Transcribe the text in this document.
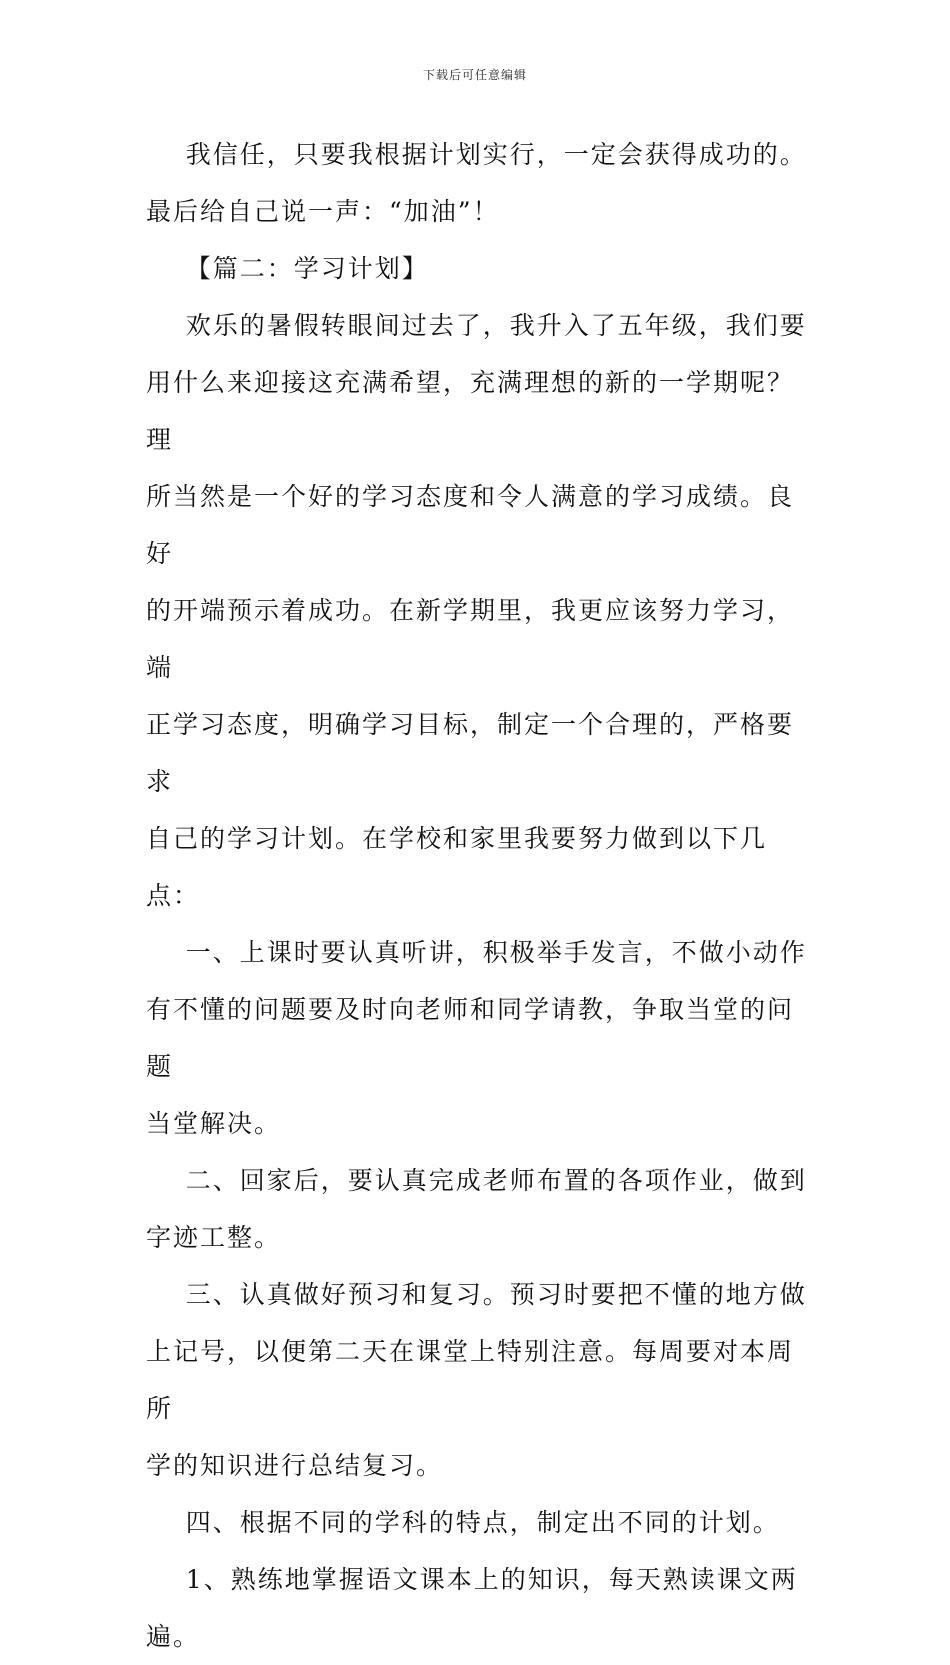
下载后可任意编辑

我信任，只要我根据计划实行，一定会获得成功的。

最后给自己说一声：“加油”！

【篇二：学习计划】

欢乐的暑假转眼间过去了，我升入了五年级，我们要

用什么来迎接这充满希望，充满理想的新的一学期呢？理

所当然是一个好的学习态度和令人满意的学习成绩。良好

的开端预示着成功。在新学期里，我更应该努力学习，端

正学习态度，明确学习目标，制定一个合理的，严格要求

自己的学习计划。在学校和家里我要努力做到以下几点：

一、上课时要认真听讲，积极举手发言，不做小动作

有不懂的问题要及时向老师和同学请教，争取当堂的问题

当堂解决。

二、回家后，要认真完成老师布置的各项作业，做到

字迹工整。

三、认真做好预习和复习。预习时要把不懂的地方做

上记号，以便第二天在课堂上特别注意。每周要对本周所

学的知识进行总结复习。

四、根据不同的学科的特点，制定出不同的计划。

1、熟练地掌握语文课本上的知识，每天熟读课文两遍。
